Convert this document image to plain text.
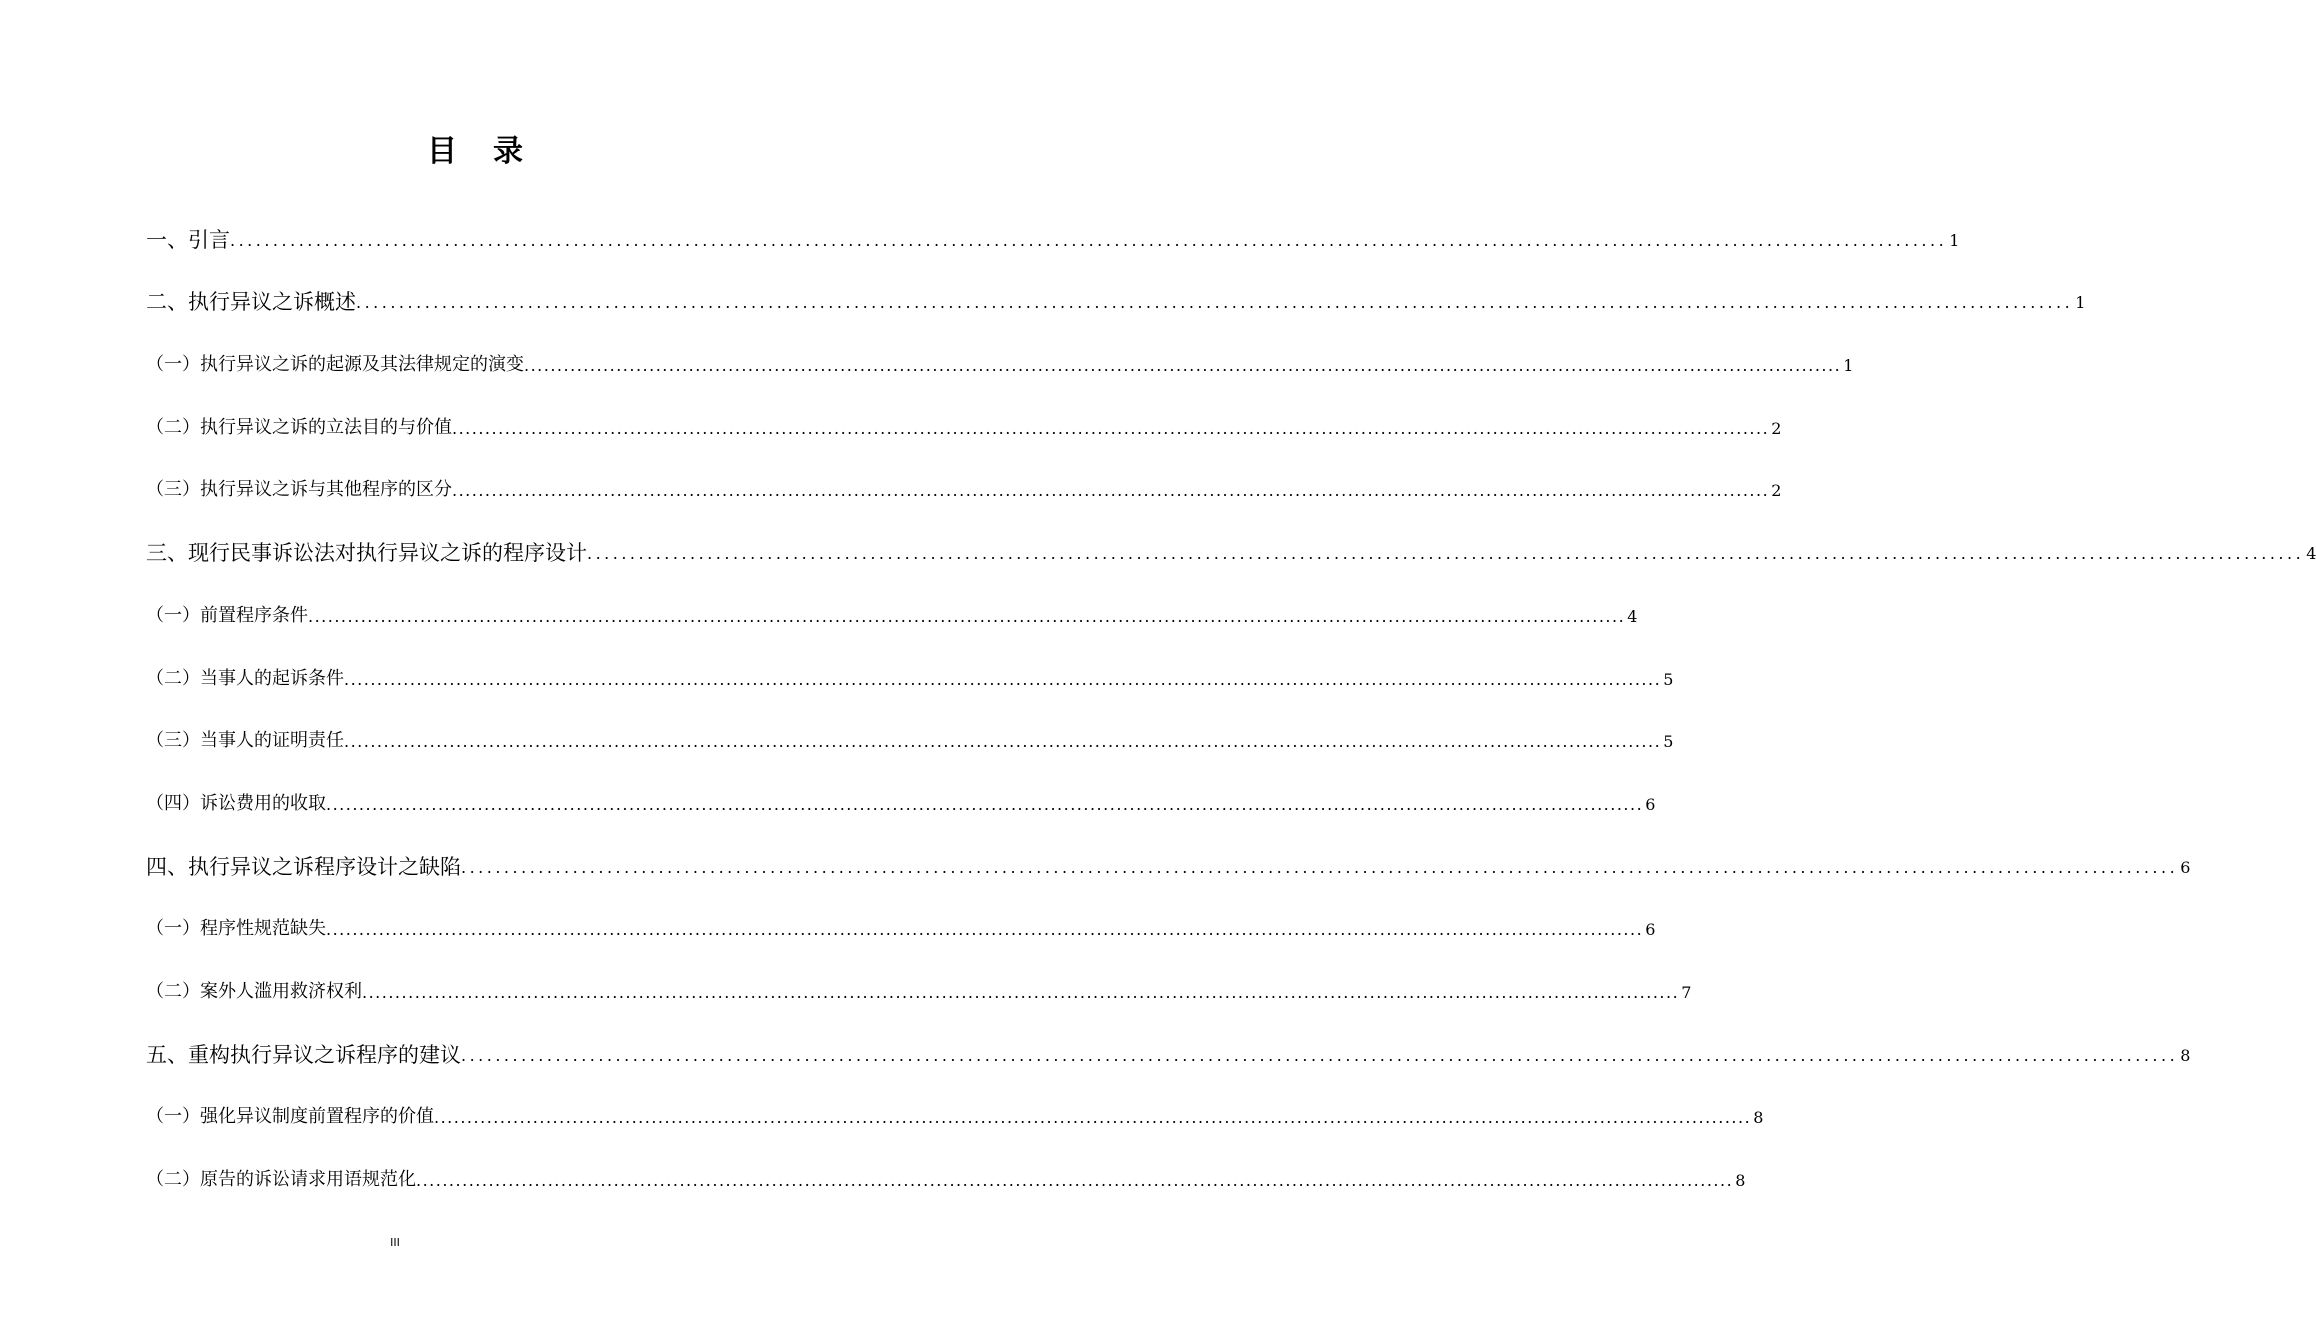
目录
一、引言 ........................................................................................................................................................................................................ 1
二、执行异议之诉概述 ........................................................................................................................................................................................................ 1
（一）执行异议之诉的起源及其法律规定的演变 ........................................................................................................................................................................................................ 1
（二）执行异议之诉的立法目的与价值 ........................................................................................................................................................................................................ 2
（三）执行异议之诉与其他程序的区分 ........................................................................................................................................................................................................ 2
三、现行民事诉讼法对执行异议之诉的程序设计 ........................................................................................................................................................................................................ 4
（一）前置程序条件 ........................................................................................................................................................................................................ 4
（二）当事人的起诉条件 ........................................................................................................................................................................................................ 5
（三）当事人的证明责任 ........................................................................................................................................................................................................ 5
（四）诉讼费用的收取 ........................................................................................................................................................................................................ 6
四、执行异议之诉程序设计之缺陷 ........................................................................................................................................................................................................ 6
（一）程序性规范缺失 ........................................................................................................................................................................................................ 6
（二）案外人滥用救济权利 ........................................................................................................................................................................................................ 7
五、重构执行异议之诉程序的建议 ........................................................................................................................................................................................................ 8
（一）强化异议制度前置程序的价值 ........................................................................................................................................................................................................ 8
（二）原告的诉讼请求用语规范化 ........................................................................................................................................................................................................ 8
III
